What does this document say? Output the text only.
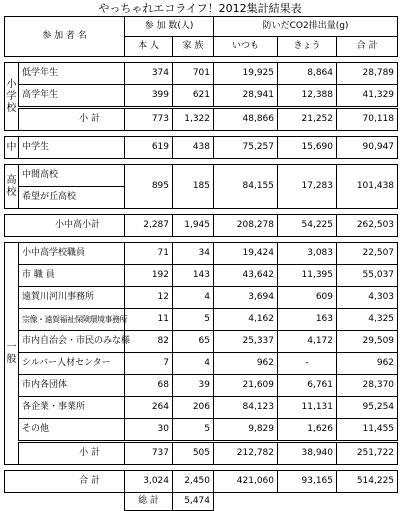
やっちゃれエコライフ！2012集計結果表
参 加 者 名		参 加 数(人)		防いだCO2排出量(g)		
		本 人	家 族	いつも	きょう	合 計

小学校	低学年生	374	701	19,925	8,864	28,789
	高学年生	399	621	28,941	12,388	41,329
	小 計	773	1,322	48,866	21,252	70,118

中	中学生	619	438	75,257	15,690	90,947

高校	中間高校	895	185	84,155	17,283	101,438
	希望が丘高校					

小中高小計		2,287	1,945	208,278	54,225	262,503

一　般	小中高学校職員	71	34	19,424	3,083	22,507
	市 職 員	192	143	43,642	11,395	55,037
	遠賀川河川事務所	12	4	3,694	609	4,303
	宗像・遠賀福祉保険環境事務所	11	5	4,162	163	4,325
	市内自治会・市民のみな様	82	65	25,337	4,172	29,509
	シルバー人材センター	7	4	962	-	962
	市内各団体	68	39	21,609	6,761	28,370
	各企業・事業所	264	206	84,123	11,131	95,254
	その他	30	5	9,829	1,626	11,455
	小 計	737	505	212,782	38,940	251,722

合 計		3,024	2,450	421,060	93,165	514,225
		総 計	5,474			
